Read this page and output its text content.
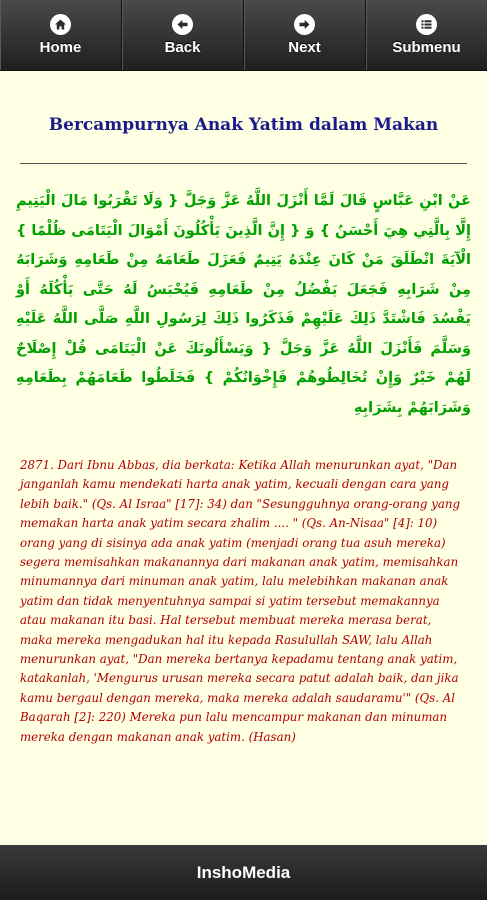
Home	Back	Next	Submenu
Bercampurnya Anak Yatim dalam Makan
عَنْ ابْنِ عَبَّاسٍ قَالَ لَمَّا أَنْزَلَ اللَّهُ عَزَّ وَجَلَّ { وَلَا تَقْرَبُوا مَالَ الْيَتِيمِ إِلَّا بِالَّتِي هِيَ أَحْسَنُ } وَ { إِنَّ الَّذِينَ يَأْكُلُونَ أَمْوَالَ الْيَتَامَى ظُلْمًا } الْآيَةَ انْطَلَقَ مَنْ كَانَ عِنْدَهُ يَتِيمٌ فَعَزَلَ طَعَامَهُ مِنْ طَعَامِهِ وَشَرَابَهُ مِنْ شَرَابِهِ فَجَعَلَ يَفْضُلُ مِنْ طَعَامِهِ فَيُحْبَسُ لَهُ حَتَّى يَأْكُلَهُ أَوْ يَفْسُدَ فَاشْتَدَّ ذَلِكَ عَلَيْهِمْ فَذَكَرُوا ذَلِكَ لِرَسُولِ اللَّهِ صَلَّى اللَّهُ عَلَيْهِ وَسَلَّمَ فَأَنْزَلَ اللَّهُ عَزَّ وَجَلَّ { وَيَسْأَلُونَكَ عَنْ الْيَتَامَى قُلْ إِصْلَاحٌ لَهُمْ خَيْرٌ وَإِنْ تُخَالِطُوهُمْ فَإِخْوَانُكُمْ } فَخَلَطُوا طَعَامَهُمْ بِطَعَامِهِ وَشَرَابَهُمْ بِشَرَابِهِ
2871. Dari Ibnu Abbas, dia berkata: Ketika Allah menurunkan ayat, "Dan janganlah kamu mendekati harta anak yatim, kecuali dengan cara yang lebih baik." (Qs. Al Israa" [17]: 34) dan "Sesungguhnya orang-orang yang memakan harta anak yatim secara zhalim .... " (Qs. An-Nisaa" [4]: 10) orang yang di sisinya ada anak yatim (menjadi orang tua asuh mereka) segera memisahkan makanannya dari makanan anak yatim, memisahkan minumannya dari minuman anak yatim, lalu melebihkan makanan anak yatim dan tidak menyentuhnya sampai si yatim tersebut memakannya atau makanan itu basi. Hal tersebut membuat mereka merasa berat, maka mereka mengadukan hal itu kepada Rasulullah SAW, lalu Allah menurunkan ayat, "Dan mereka bertanya kepadamu tentang anak yatim, katakanlah, 'Mengurus urusan mereka secara patut adalah baik, dan jika kamu bergaul dengan mereka, maka mereka adalah saudaramu'" (Qs. Al Baqarah [2]: 220) Mereka pun lalu mencampur makanan dan minuman mereka dengan makanan anak yatim. (Hasan)
InshoMedia
